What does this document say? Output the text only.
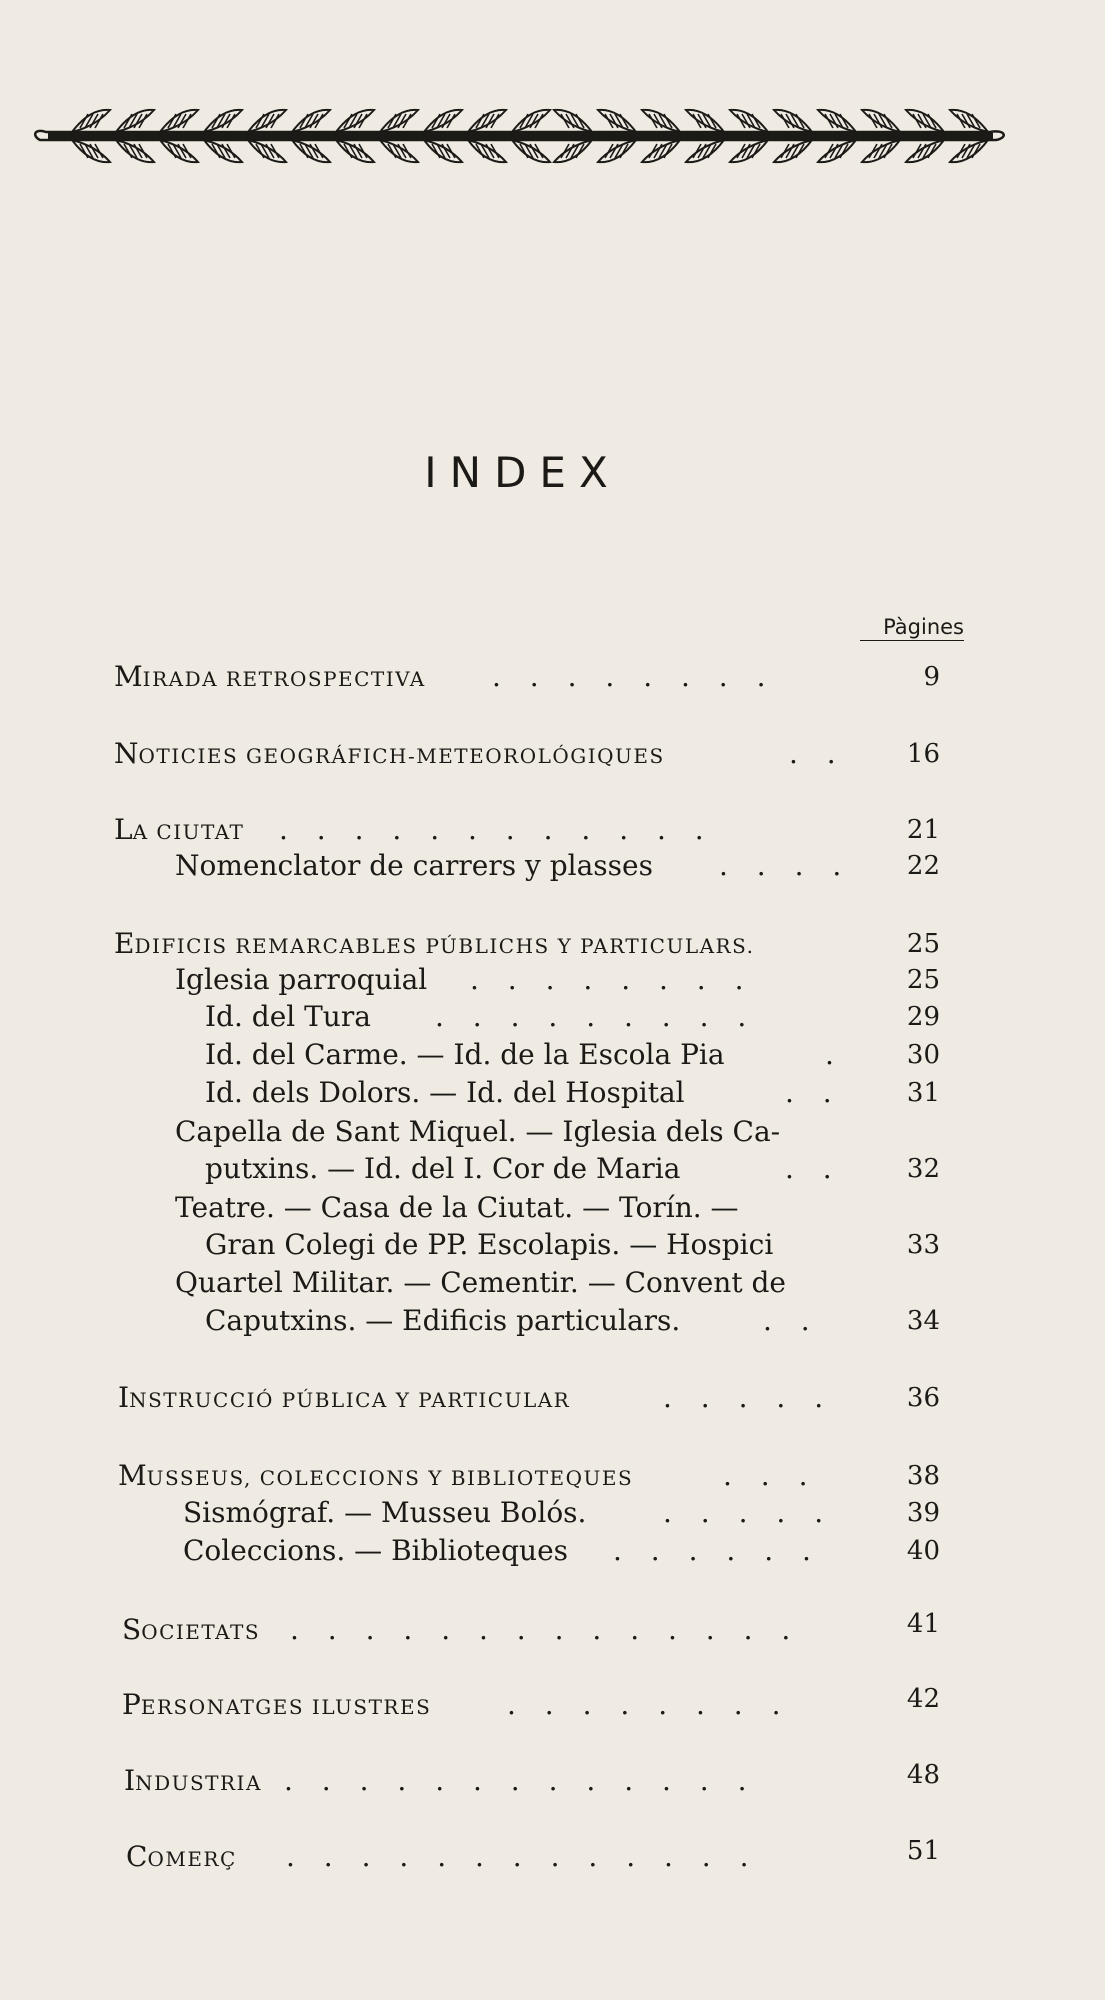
INDEX
Pàgines
MIRADA RETROSPECTIVA . . . . . . . .	9
NOTICIES GEOGRÁFICH-METEOROLÓGIQUES	. .	16
LA CIUTAT . . . . . . . . . . . .	21
Nomenclator de carrers y plasses . . . .	22
EDIFICIS REMARCABLES PÚBLICHS Y PARTICULARS.	25
Iglesia parroquial . . . . . . . .	25
Id. del Tura . . . . . . . . .	29
Id. del Carme. — Id. de la Escola Pia	.	30
Id. dels Dolors. — Id. del Hospital	. .	31
Capella de Sant Miquel. — Iglesia dels Ca-
putxins. — Id. del I. Cor de Maria	. .	32
Teatre. — Casa de la Ciutat. — Torín. —
Gran Colegi de PP. Escolapis. — Hospici	33
Quartel Militar. — Cementir. — Convent de
Caputxins. — Edificis particulars.	. .	34
INSTRUCCIÓ PÚBLICA Y PARTICULAR	. . . . .	36
MUSSEUS, COLECCIONS Y BIBLIOTEQUES	. . .	38
Sismógraf. — Musseu Bolós.	. . . . .	39
Coleccions. — Biblioteques . . . . . .	40
SOCIETATS . . . . . . . . . . . . . .	41
PERSONATGES ILUSTRES	. . . . . . . .	42
INDUSTRIA . . . . . . . . . . . . .	48
COMERÇ . . . . . . . . . . . . .	51
